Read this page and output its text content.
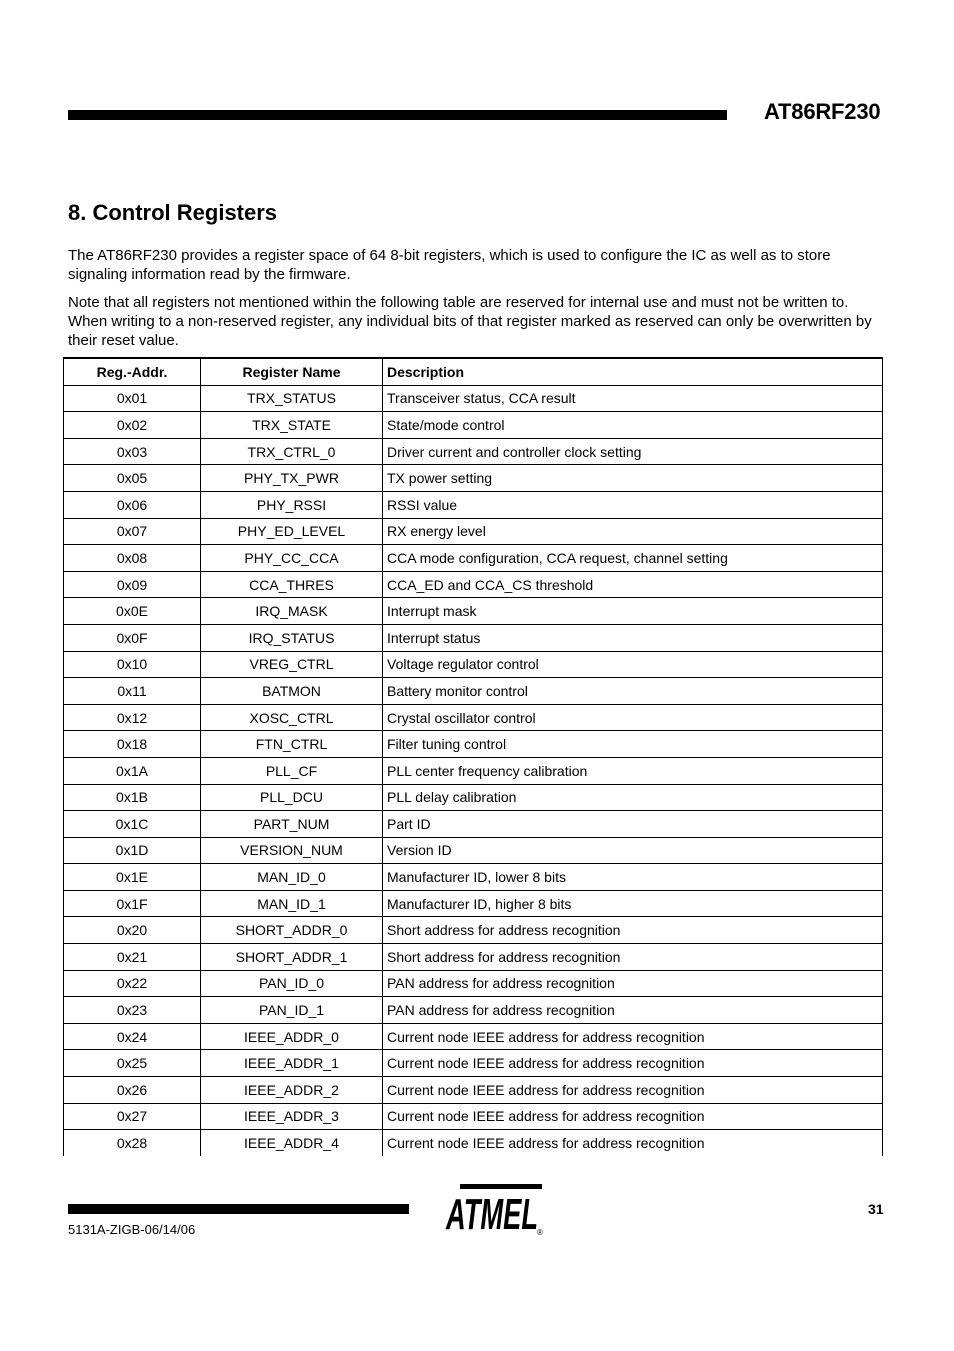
AT86RF230
8. Control Registers

The AT86RF230 provides a register space of 64 8-bit registers, which is used to configure the IC as well as to store signaling information read by the firmware.

Note that all registers not mentioned within the following table are reserved for internal use and must not be written to. When writing to a non-reserved register, any individual bits of that register marked as reserved can only be overwritten by their reset value.

Reg.-Addr.	Register Name	Description
0x01	TRX_STATUS	Transceiver status, CCA result
0x02	TRX_STATE	State/mode control
0x03	TRX_CTRL_0	Driver current and controller clock setting
0x05	PHY_TX_PWR	TX power setting
0x06	PHY_RSSI	RSSI value
0x07	PHY_ED_LEVEL	RX energy level
0x08	PHY_CC_CCA	CCA mode configuration, CCA request, channel setting
0x09	CCA_THRES	CCA_ED and CCA_CS threshold
0x0E	IRQ_MASK	Interrupt mask
0x0F	IRQ_STATUS	Interrupt status
0x10	VREG_CTRL	Voltage regulator control
0x11	BATMON	Battery monitor control
0x12	XOSC_CTRL	Crystal oscillator control
0x18	FTN_CTRL	Filter tuning control
0x1A	PLL_CF	PLL center frequency calibration
0x1B	PLL_DCU	PLL delay calibration
0x1C	PART_NUM	Part ID
0x1D	VERSION_NUM	Version ID
0x1E	MAN_ID_0	Manufacturer ID, lower 8 bits
0x1F	MAN_ID_1	Manufacturer ID, higher 8 bits
0x20	SHORT_ADDR_0	Short address for address recognition
0x21	SHORT_ADDR_1	Short address for address recognition
0x22	PAN_ID_0	PAN address for address recognition
0x23	PAN_ID_1	PAN address for address recognition
0x24	IEEE_ADDR_0	Current node IEEE address for address recognition
0x25	IEEE_ADDR_1	Current node IEEE address for address recognition
0x26	IEEE_ADDR_2	Current node IEEE address for address recognition
0x27	IEEE_ADDR_3	Current node IEEE address for address recognition
0x28	IEEE_ADDR_4	Current node IEEE address for address recognition
ATMEL ®
31
5131A-ZIGB-06/14/06
